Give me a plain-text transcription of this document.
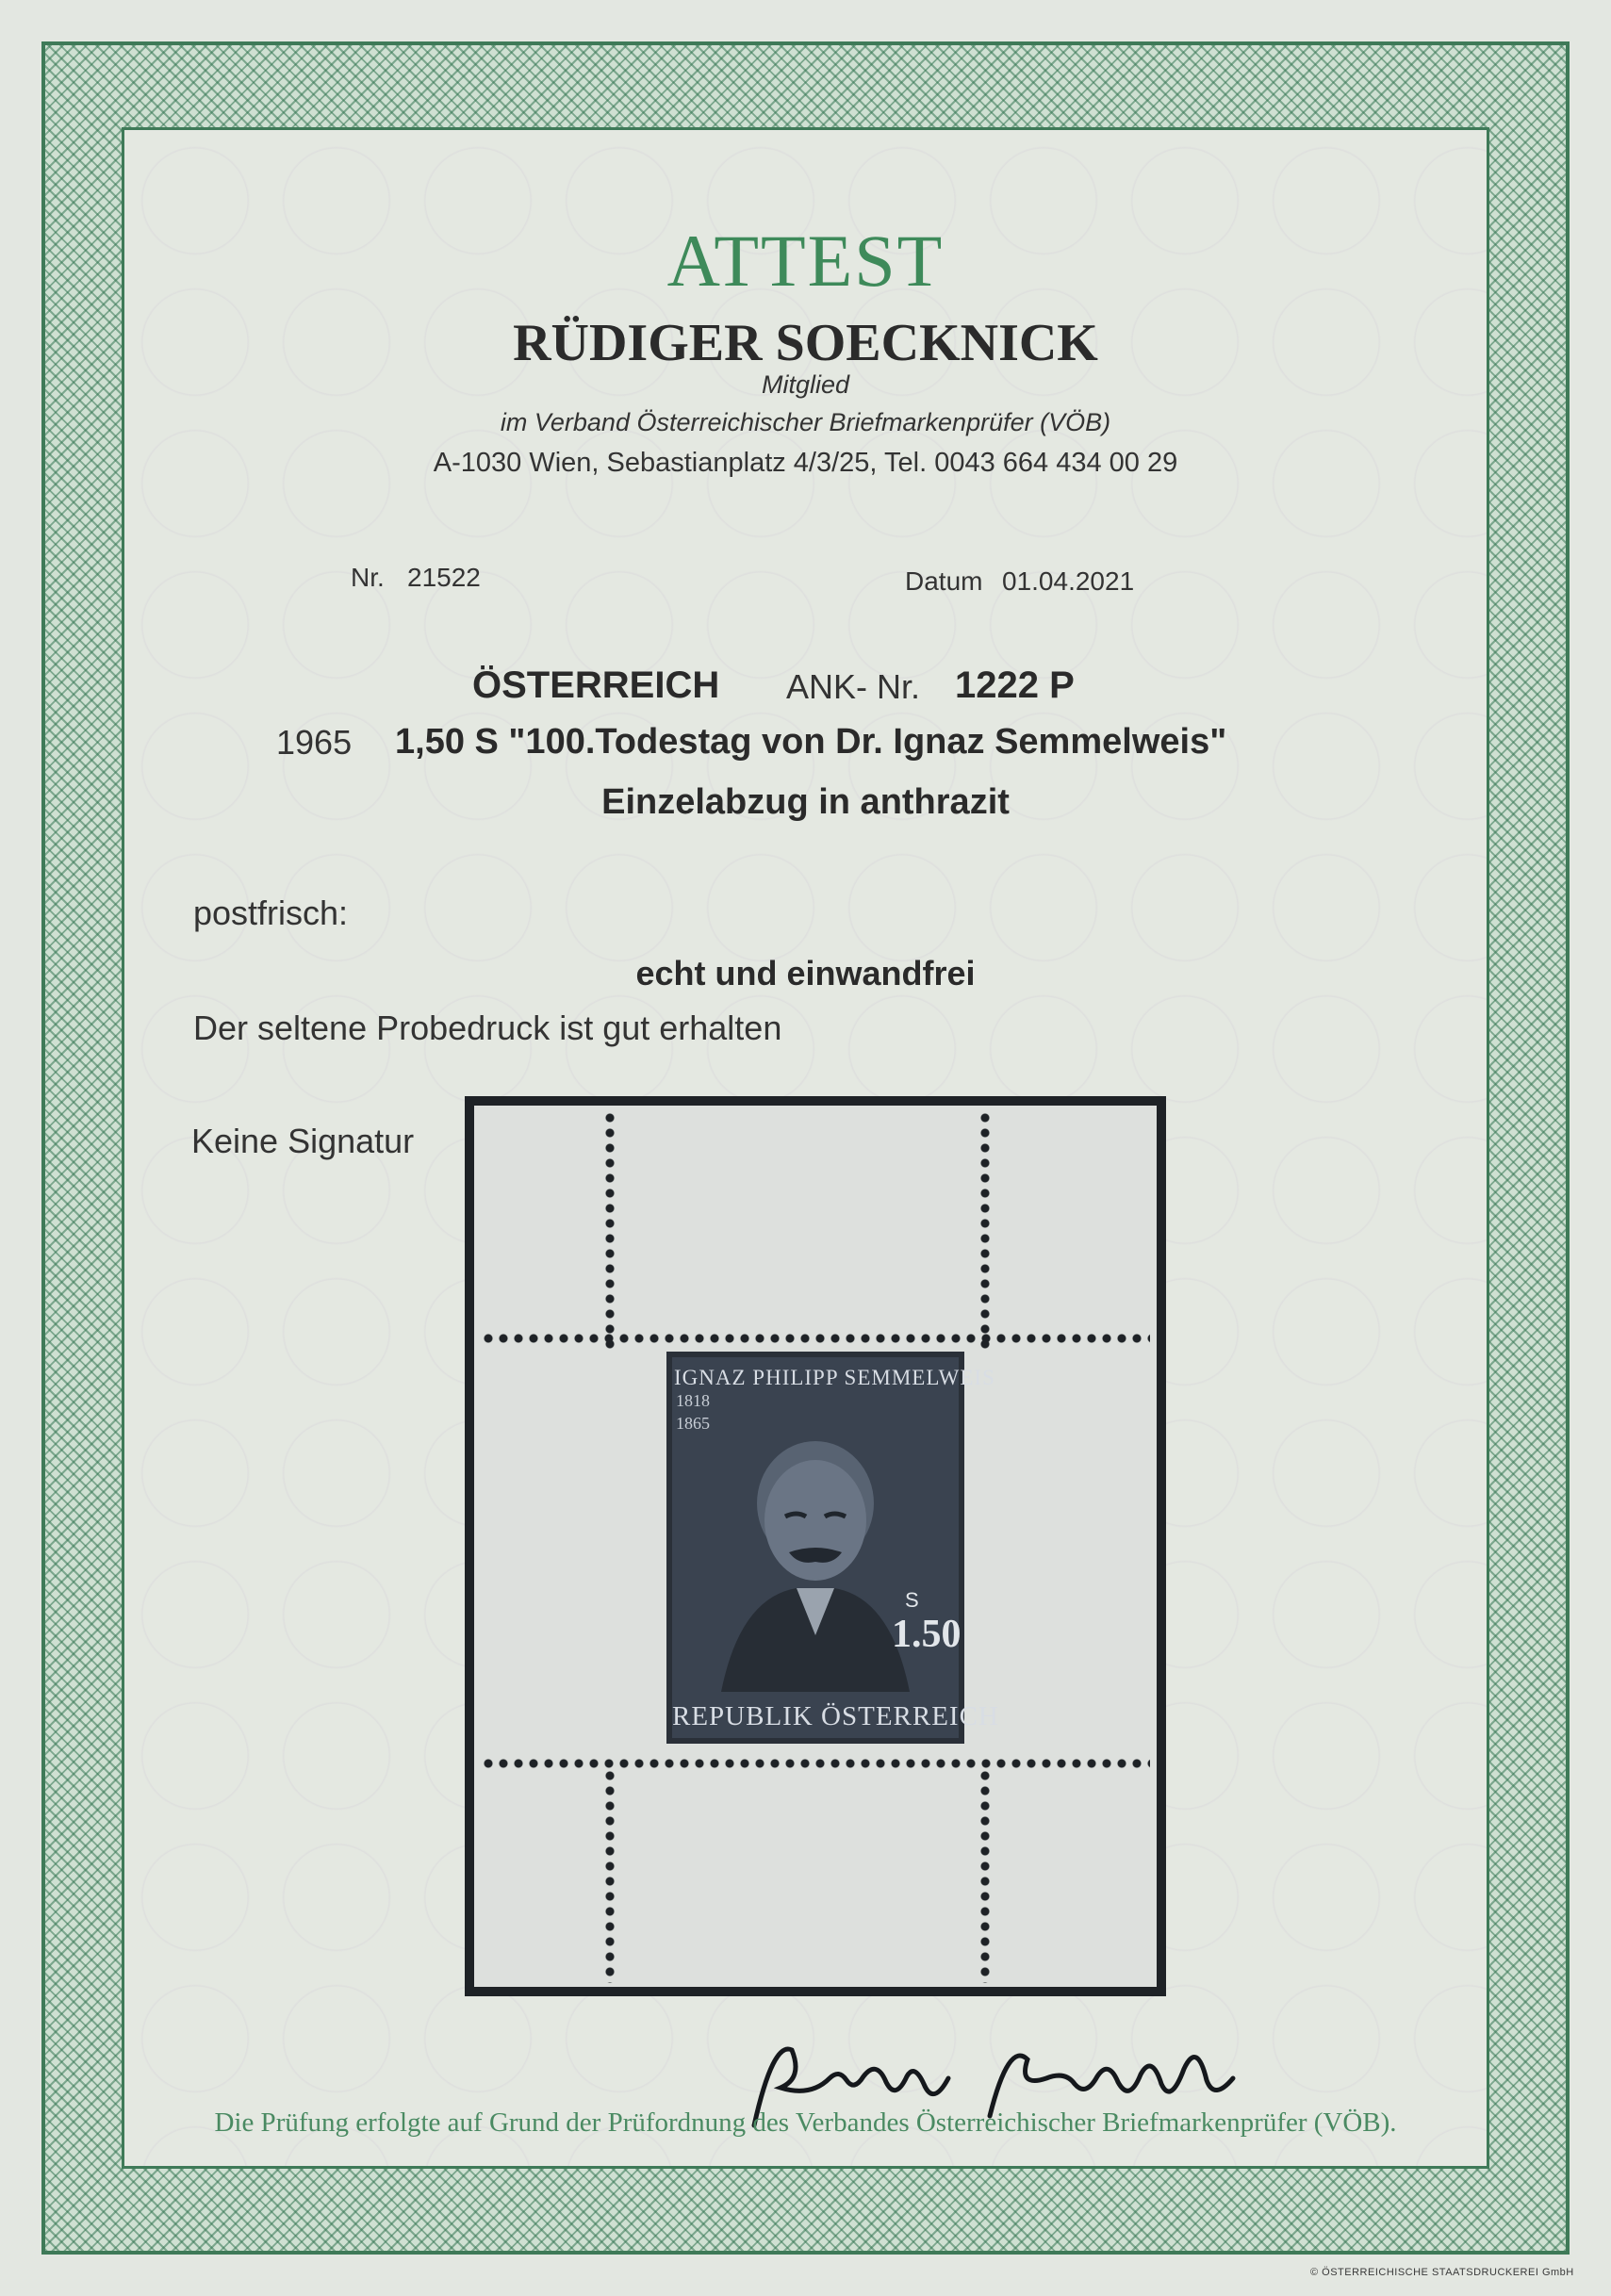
ATTEST
RÜDIGER SOECKNICK
Mitglied
im Verband Österreichischer Briefmarkenprüfer (VÖB)
A-1030 Wien, Sebastianplatz 4/3/25, Tel. 0043 664 434 00 29
Nr. 21522	Datum 01.04.2021
ÖSTERREICH ANK- Nr. 1222 P
1965 1,50 S "100.Todestag von Dr. Ignaz Semmelweis"
Einzelabzug in anthrazit
postfrisch:
echt und einwandfrei
Der seltene Probedruck ist gut erhalten
Keine Signatur
IGNAZ PHILIPP SEMMELWEIS
1818
1865
S
1.50
REPUBLIK ÖSTERREICH
Die Prüfung erfolgte auf Grund der Prüfordnung des Verbandes Österreichischer Briefmarkenprüfer (VÖB).
© ÖSTERREICHISCHE STAATSDRUCKEREI GmbH
